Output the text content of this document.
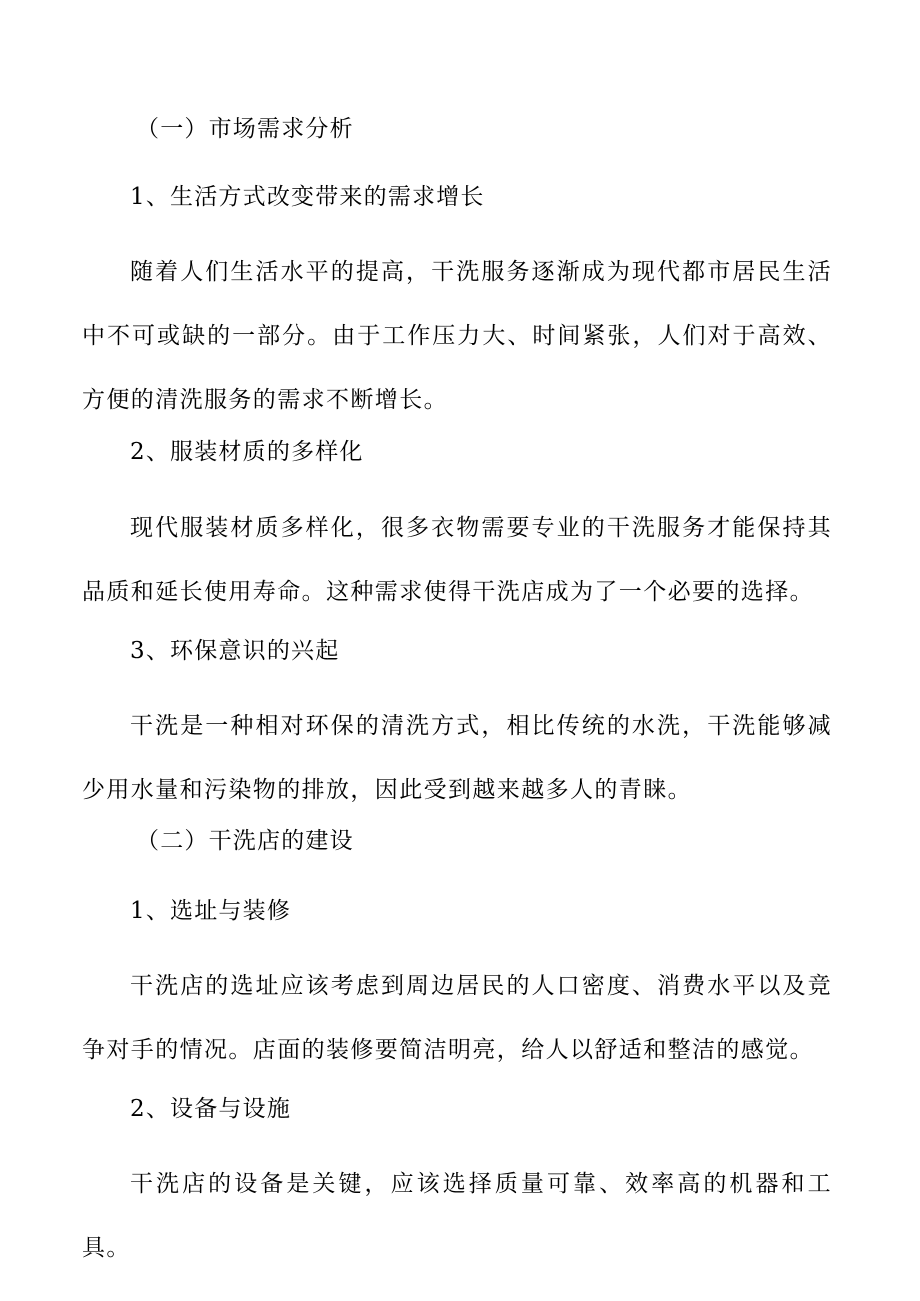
（一）市场需求分析
1、生活方式改变带来的需求增长
随着人们生活水平的提高，干洗服务逐渐成为现代都市居民生活中不可或缺的一部分。由于工作压力大、时间紧张，人们对于高效、方便的清洗服务的需求不断增长。
2、服装材质的多样化
现代服装材质多样化，很多衣物需要专业的干洗服务才能保持其品质和延长使用寿命。这种需求使得干洗店成为了一个必要的选择。
3、环保意识的兴起
干洗是一种相对环保的清洗方式，相比传统的水洗，干洗能够减少用水量和污染物的排放，因此受到越来越多人的青睐。
（二）干洗店的建设
1、选址与装修
干洗店的选址应该考虑到周边居民的人口密度、消费水平以及竞争对手的情况。店面的装修要简洁明亮，给人以舒适和整洁的感觉。
2、设备与设施
干洗店的设备是关键，应该选择质量可靠、效率高的机器和工具。
